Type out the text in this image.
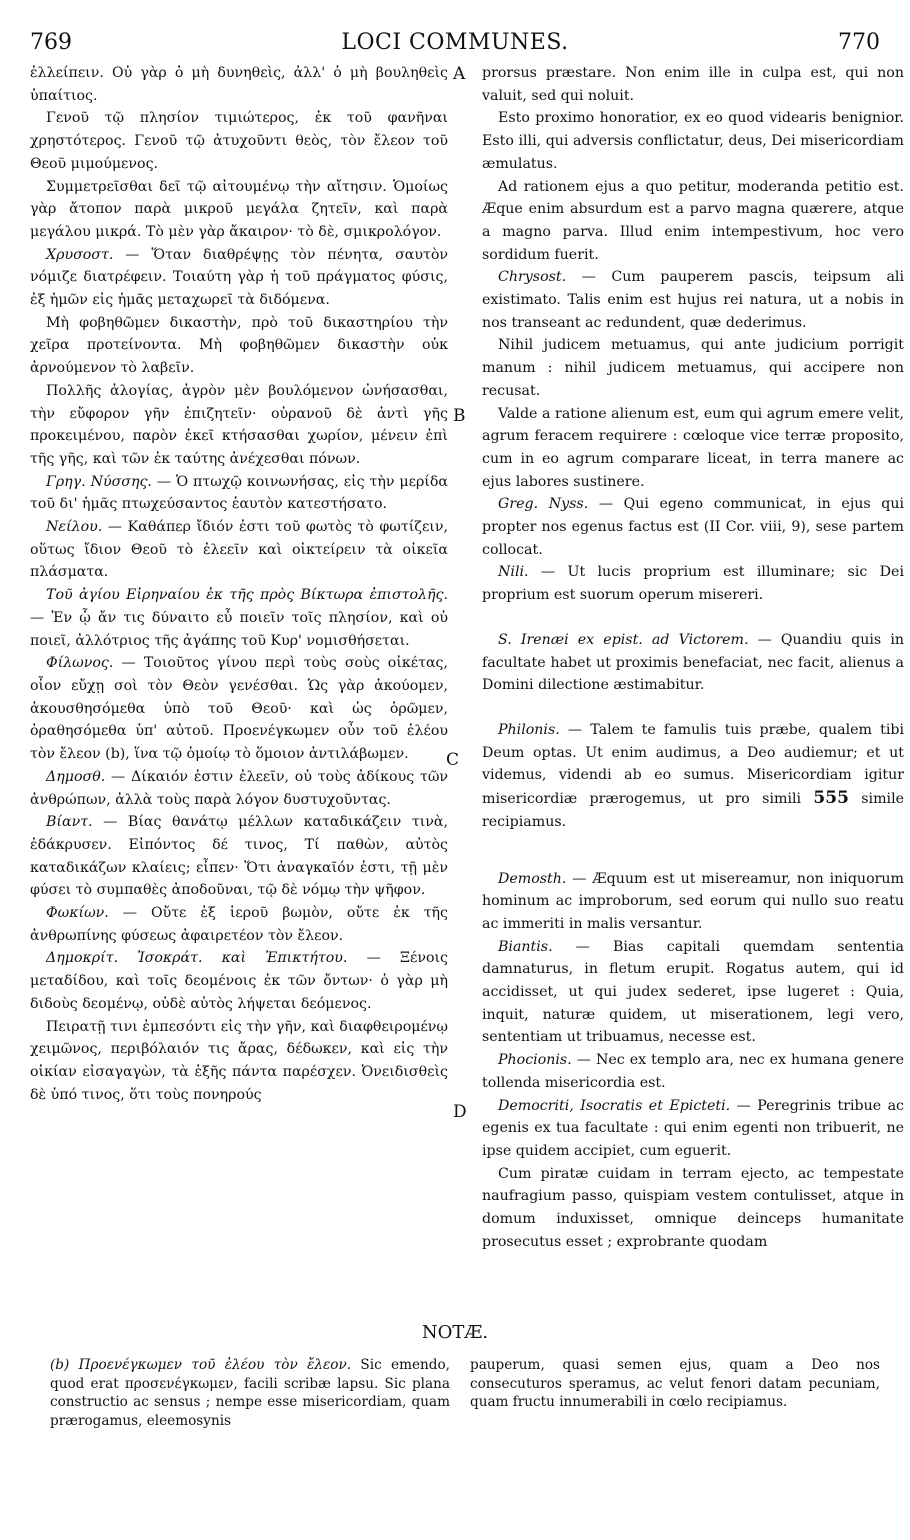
769	LOCI COMMUNES.	770
A
B
C
D

ἐλλείπειν. Οὐ γὰρ ὁ μὴ δυνηθεὶς, ἀλλ' ὁ μὴ βουληθεὶς ὑπαίτιος.

Γενοῦ τῷ πλησίον τιμιώτερος, ἐκ τοῦ φανῆναι χρηστότερος. Γενοῦ τῷ ἀτυχοῦντι θεὸς, τὸν ἔλεον τοῦ Θεοῦ μιμούμενος.

Συμμετρεῖσθαι δεῖ τῷ αἰτουμένῳ τὴν αἴτησιν. Ὁμοίως γὰρ ἄτοπον παρὰ μικροῦ μεγάλα ζητεῖν, καὶ παρὰ μεγάλου μικρά. Τὸ μὲν γὰρ ἄκαιρον· τὸ δὲ, σμικρολόγον.

Χρυσοστ. — Ὅταν διαθρέψῃς τὸν πένητα, σαυτὸν νόμιζε διατρέφειν. Τοιαύτη γὰρ ἡ τοῦ πράγματος φύσις, ἐξ ἡμῶν εἰς ἡμᾶς μεταχωρεῖ τὰ διδόμενα.

Μὴ φοβηθῶμεν δικαστὴν, πρὸ τοῦ δικαστηρίου τὴν χεῖρα προτείνοντα. Μὴ φοβηθῶμεν δικαστὴν οὐκ ἀρνούμενον τὸ λαβεῖν.

Πολλῆς ἀλογίας, ἀγρὸν μὲν βουλόμενον ὠνήσασθαι, τὴν εὔφορον γῆν ἐπιζητεῖν· οὐρανοῦ δὲ ἀντὶ γῆς προκειμένου, παρὸν ἐκεῖ κτήσασθαι χωρίον, μένειν ἐπὶ τῆς γῆς, καὶ τῶν ἐκ ταύτης ἀνέχεσθαι πόνων.

Γρηγ. Νύσσης. — Ὁ πτωχῷ κοινωνήσας, εἰς τὴν μερίδα τοῦ δι' ἡμᾶς πτωχεύσαντος ἑαυτὸν κατεστήσατο.

Νείλου. — Καθάπερ ἴδιόν ἐστι τοῦ φωτὸς τὸ φωτίζειν, οὕτως ἴδιον Θεοῦ τὸ ἐλεεῖν καὶ οἰκτείρειν τὰ οἰκεῖα πλάσματα.

Τοῦ ἁγίου Εἰρηναίου ἐκ τῆς πρὸς Βίκτωρα ἐπιστολῆς. — Ἐν ᾧ ἄν τις δύναιτο εὖ ποιεῖν τοῖς πλησίον, καὶ οὐ ποιεῖ, ἀλλότριος τῆς ἀγάπης τοῦ Κυρ' νομισθήσεται.

Φίλωνος. — Τοιοῦτος γίνου περὶ τοὺς σοὺς οἰκέτας, οἷον εὔχῃ σοὶ τὸν Θεὸν γενέσθαι. Ὡς γὰρ ἀκούομεν, ἀκουσθησόμεθα ὑπὸ τοῦ Θεοῦ· καὶ ὡς ὁρῶμεν, ὀραθησόμεθα ὑπ' αὐτοῦ. Προενέγκωμεν οὖν τοῦ ἐλέου τὸν ἔλεον (b), ἵνα τῷ ὁμοίῳ τὸ ὅμοιον ἀντιλάβωμεν.

Δημοσθ. — Δίκαιόν ἐστιν ἐλεεῖν, οὐ τοὺς ἀδίκους τῶν ἀνθρώπων, ἀλλὰ τοὺς παρὰ λόγον δυστυχοῦντας.

Βίαντ. — Βίας θανάτῳ μέλλων καταδικάζειν τινὰ, ἐδάκρυσεν. Εἰπόντος δέ τινος, Τί παθὼν, αὐτὸς καταδικάζων κλαίεις; εἶπεν· Ὅτι ἀναγκαῖόν ἐστι, τῇ μὲν φύσει τὸ συμπαθὲς ἀποδοῦναι, τῷ δὲ νόμῳ τὴν ψῆφον.

Φωκίων. — Οὔτε ἐξ ἱεροῦ βωμὸν, οὔτε ἐκ τῆς ἀνθρωπίνης φύσεως ἀφαιρετέον τὸν ἔλεον.

Δημοκρίτ. Ἰσοκράτ. καὶ Ἐπικτήτου. — Ξένοις μεταδίδου, καὶ τοῖς δεομένοις ἐκ τῶν ὄντων· ὁ γὰρ μὴ διδοὺς δεομένῳ, οὐδὲ αὐτὸς λήψεται δεόμενος.

Πειρατῇ τινι ἐμπεσόντι εἰς τὴν γῆν, καὶ διαφθειρομένῳ χειμῶνος, περιβόλαιόν τις ἄρας, δέδωκεν, καὶ εἰς τὴν οἰκίαν εἰσαγαγὼν, τὰ ἑξῆς πάντα παρέσχεν. Ὀνειδισθεὶς δὲ ὑπό τινος, ὅτι τοὺς πονηρούς

prorsus præstare. Non enim ille in culpa est, qui non valuit, sed qui noluit.

Esto proximo honoratior, ex eo quod videaris benignior. Esto illi, qui adversis conflictatur, deus, Dei misericordiam æmulatus.

Ad rationem ejus a quo petitur, moderanda petitio est. Æque enim absurdum est a parvo magna quærere, atque a magno parva. Illud enim intempestivum, hoc vero sordidum fuerit.

Chrysost. — Cum pauperem pascis, teipsum ali existimato. Talis enim est hujus rei natura, ut a nobis in nos transeant ac redundent, quæ dederimus.

Nihil judicem metuamus, qui ante judicium porrigit manum : nihil judicem metuamus, qui accipere non recusat.

Valde a ratione alienum est, eum qui agrum emere velit, agrum feracem requirere : cœloque vice terræ proposito, cum in eo agrum comparare liceat, in terra manere ac ejus labores sustinere.

Greg. Nyss. — Qui egeno communicat, in ejus qui propter nos egenus factus est (II Cor. viii, 9), sese partem collocat.

Nili. — Ut lucis proprium est illuminare; sic Dei proprium est suorum operum misereri.

S. Irenæi ex epist. ad Victorem. — Quandiu quis in facultate habet ut proximis benefaciat, nec facit, alienus a Domini dilectione æstimabitur.

Philonis. — Talem te famulis tuis præbe, qualem tibi Deum optas. Ut enim audimus, a Deo audiemur; et ut videmus, videndi ab eo sumus. Misericordiam igitur misericordiæ prærogemus, ut pro simili 555 simile recipiamus.

Demosth. — Æquum est ut misereamur, non iniquorum hominum ac improborum, sed eorum qui nullo suo reatu ac immeriti in malis versantur.

Biantis. — Bias capitali quemdam sententia damnaturus, in fletum erupit. Rogatus autem, qui id accidisset, ut qui judex sederet, ipse lugeret : Quia, inquit, naturæ quidem, ut miserationem, legi vero, sententiam ut tribuamus, necesse est.

Phocionis. — Nec ex templo ara, nec ex humana genere tollenda misericordia est.

Democriti, Isocratis et Epicteti. — Peregrinis tribue ac egenis ex tua facultate : qui enim egenti non tribuerit, ne ipse quidem accipiet, cum eguerit.

Cum piratæ cuidam in terram ejecto, ac tempestate naufragium passo, quispiam vestem contulisset, atque in domum induxisset, omnique deinceps humanitate prosecutus esset ; exprobrante quodam

NOTÆ.
(b) Προενέγκωμεν τοῦ ἐλέου τὸν ἔλεον. Sic emendo, quod erat προσενέγκωμεν, facili scribæ lapsu. Sic plana constructio ac sensus ; nempe esse misericordiam, quam prærogamus, eleemosynis
pauperum, quasi semen ejus, quam a Deo nos consecuturos speramus, ac velut fenori datam pecuniam, quam fructu innumerabili in cœlo recipiamus.
